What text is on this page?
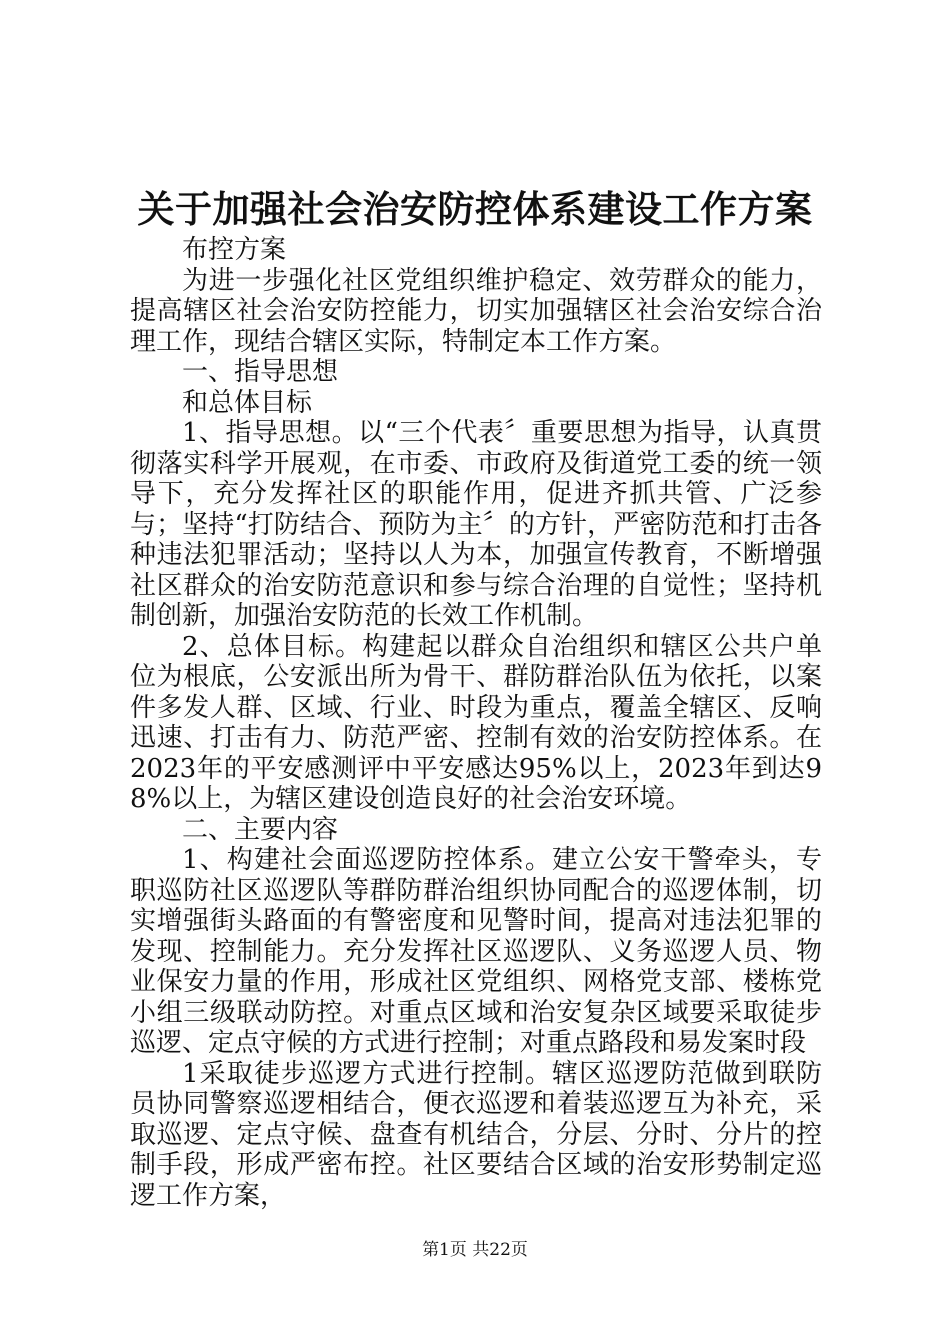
关于加强社会治安防控体系建设工作方案

布控方案

为进一步强化社区党组织维护稳定、效劳群众的能力，提高辖区社会治安防控能力，切实加强辖区社会治安综合治理工作，现结合辖区实际，特制定本工作方案。

一、指导思想

和总体目标

1、指导思想。以“三个代表〞重要思想为指导，认真贯彻落实科学开展观，在市委、市政府及街道党工委的统一领导下，充分发挥社区的职能作用，促进齐抓共管、广泛参与；坚持“打防结合、预防为主〞的方针，严密防范和打击各种违法犯罪活动；坚持以人为本，加强宣传教育，不断增强社区群众的治安防范意识和参与综合治理的自觉性；坚持机制创新，加强治安防范的长效工作机制。

2、总体目标。构建起以群众自治组织和辖区公共户单位为根底，公安派出所为骨干、群防群治队伍为依托，以案件多发人群、区域、行业、时段为重点，覆盖全辖区、反响迅速、打击有力、防范严密、控制有效的治安防控体系。在2023年的平安感测评中平安感达95%以上，2023年到达98%以上，为辖区建设创造良好的社会治安环境。

二、主要内容

1、构建社会面巡逻防控体系。建立公安干警牵头，专职巡防社区巡逻队等群防群治组织协同配合的巡逻体制，切实增强街头路面的有警密度和见警时间，提高对违法犯罪的发现、控制能力。充分发挥社区巡逻队、义务巡逻人员、物业保安力量的作用，形成社区党组织、网格党支部、楼栋党小组三级联动防控。对重点区域和治安复杂区域要采取徒步巡逻、定点守候的方式进行控制；对重点路段和易发案时段

1采取徒步巡逻方式进行控制。辖区巡逻防范做到联防员协同警察巡逻相结合，便衣巡逻和着装巡逻互为补充，采取巡逻、定点守候、盘查有机结合，分层、分时、分片的控制手段，形成严密布控。社区要结合区域的治安形势制定巡逻工作方案，

第1页 共22页
